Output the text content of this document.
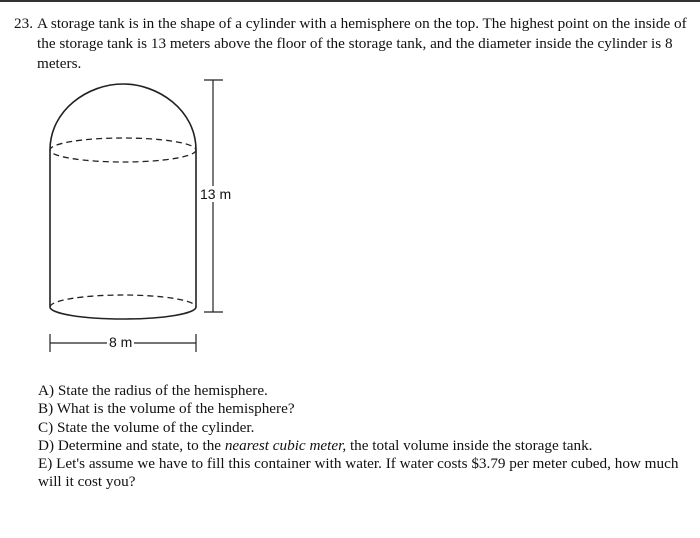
23. A storage tank is in the shape of a cylinder with a hemisphere on the top. The highest point on the inside of the storage tank is 13 meters above the floor of the storage tank, and the diameter inside the cylinder is 8 meters.
13 m
8 m
A) State the radius of the hemisphere.
B) What is the volume of the hemisphere?
C) State the volume of the cylinder.
D) Determine and state, to the nearest cubic meter, the total volume inside the storage tank.
E) Let's assume we have to fill this container with water. If water costs $3.79 per meter cubed, how much will it cost you?
